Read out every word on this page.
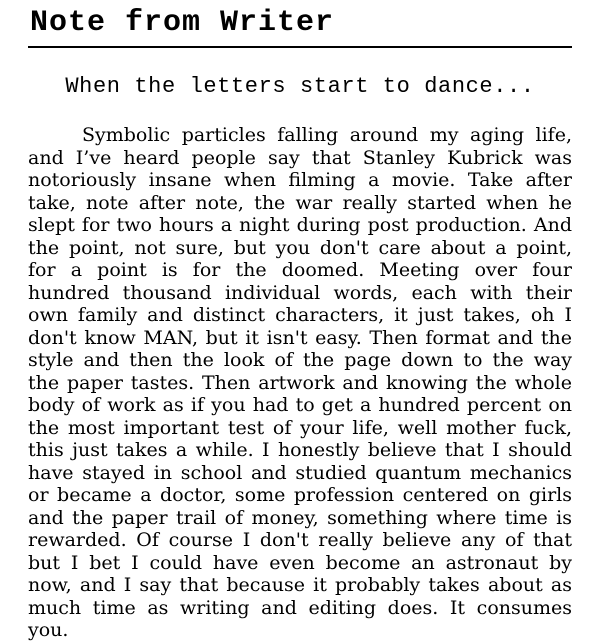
Note from Writer
When the letters start to dance...

Symbolic particles falling around my aging life, and I’ve heard people say that Stanley Kubrick was notoriously insane when filming a movie. Take after take, note after note, the war really started when he slept for two hours a night during post production. And the point, not sure, but you don't care about a point, for a point is for the doomed. Meeting over four hundred thousand individual words, each with their own family and distinct characters, it just takes, oh I don't know MAN, but it isn't easy. Then format and the style and then the look of the page down to the way the paper tastes. Then artwork and knowing the whole body of work as if you had to get a hundred percent on the most important test of your life, well mother fuck, this just takes a while. I honestly believe that I should have stayed in school and studied quantum mechanics or became a doctor, some profession centered on girls and the paper trail of money, something where time is rewarded. Of course I don't really believe any of that but I bet I could have even become an astronaut by now, and I say that because it probably takes about as much time as writing and editing does. It consumes you.
